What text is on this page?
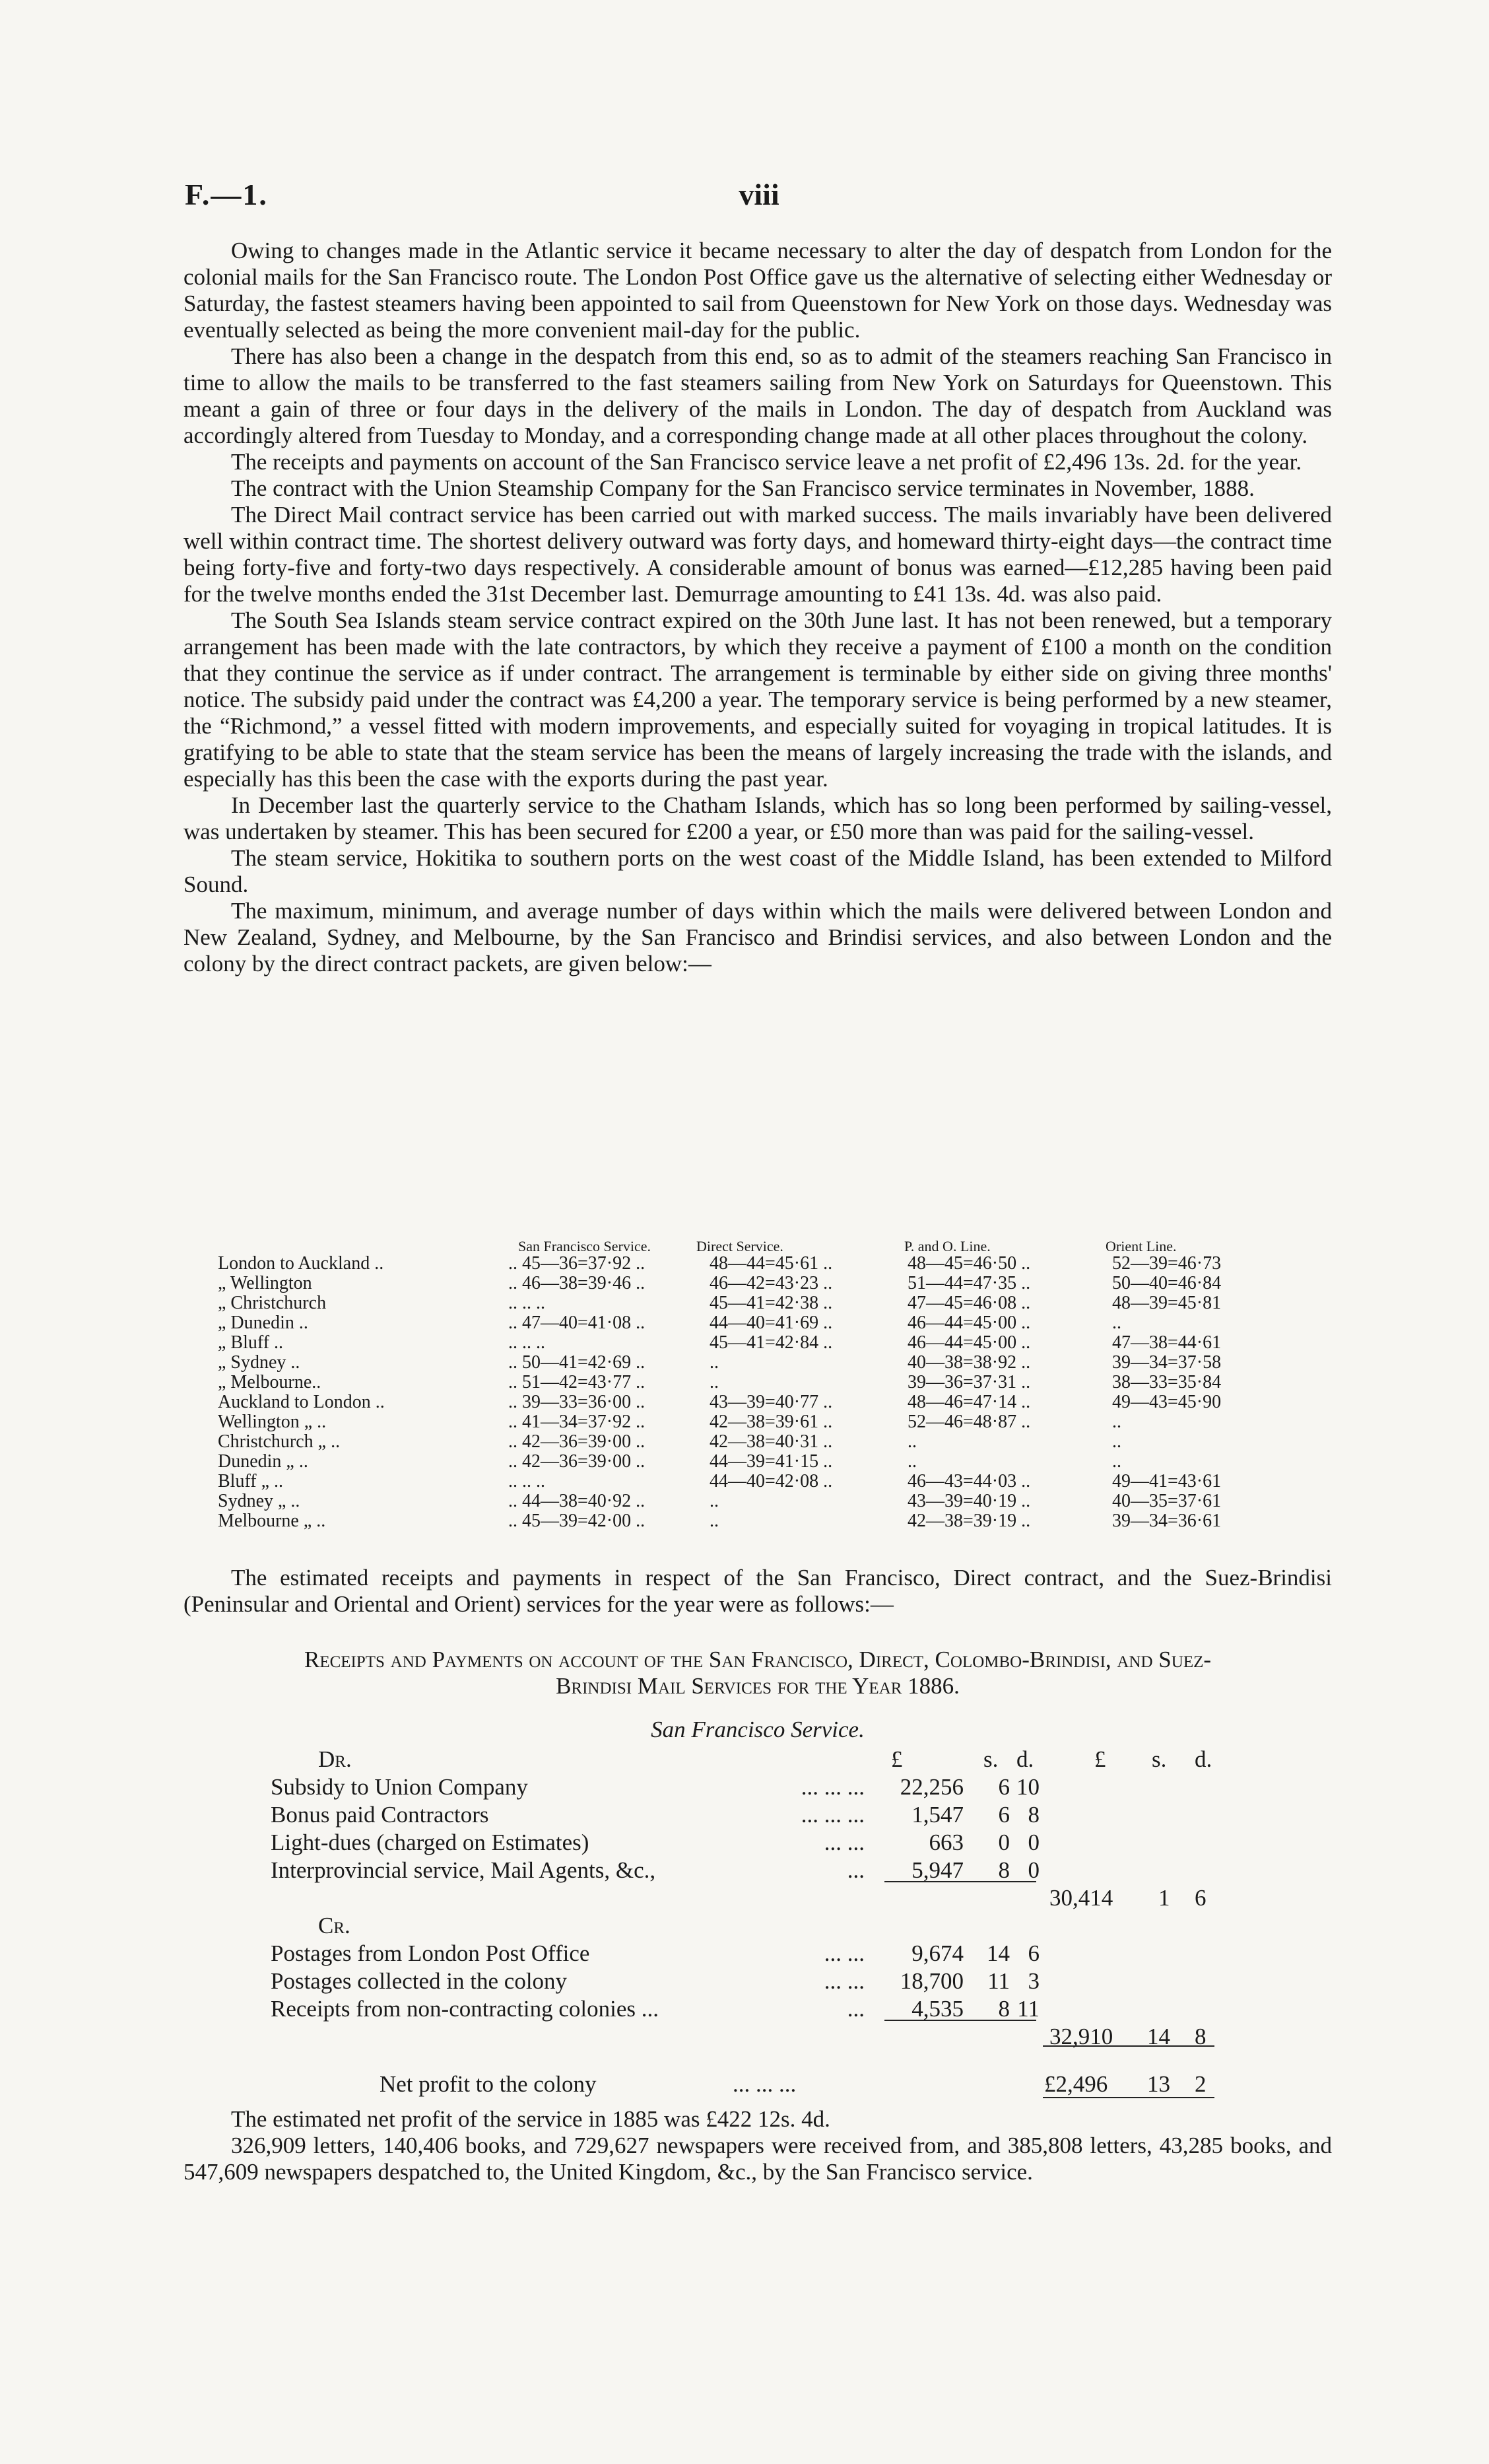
F.—1.	viii

Owing to changes made in the Atlantic service it became necessary to alter the day of despatch from London for the colonial mails for the San Francisco route. The London Post Office gave us the alternative of selecting either Wednesday or Saturday, the fastest steamers having been appointed to sail from Queenstown for New York on those days. Wednesday was eventually selected as being the more convenient mail-day for the public.

There has also been a change in the despatch from this end, so as to admit of the steamers reaching San Francisco in time to allow the mails to be transferred to the fast steamers sailing from New York on Saturdays for Queenstown. This meant a gain of three or four days in the delivery of the mails in London. The day of despatch from Auckland was accordingly altered from Tuesday to Monday, and a corresponding change made at all other places throughout the colony.

The receipts and payments on account of the San Francisco service leave a net profit of £2,496 13s. 2d. for the year.

The contract with the Union Steamship Company for the San Francisco service terminates in November, 1888.

The Direct Mail contract service has been carried out with marked success. The mails invariably have been delivered well within contract time. The shortest delivery outward was forty days, and homeward thirty-eight days—the contract time being forty-five and forty-two days respectively. A considerable amount of bonus was earned—£12,285 having been paid for the twelve months ended the 31st December last. Demurrage amounting to £41 13s. 4d. was also paid.

The South Sea Islands steam service contract expired on the 30th June last. It has not been renewed, but a temporary arrangement has been made with the late contractors, by which they receive a payment of £100 a month on the condition that they continue the service as if under contract. The arrangement is terminable by either side on giving three months' notice. The subsidy paid under the contract was £4,200 a year. The temporary service is being performed by a new steamer, the “Richmond,” a vessel fitted with modern improvements, and especially suited for voyaging in tropical latitudes. It is gratifying to be able to state that the steam service has been the means of largely increasing the trade with the islands, and especially has this been the case with the exports during the past year.

In December last the quarterly service to the Chatham Islands, which has so long been performed by sailing-vessel, was undertaken by steamer. This has been secured for £200 a year, or £50 more than was paid for the sailing-vessel.

The steam service, Hokitika to southern ports on the west coast of the Middle Island, has been extended to Milford Sound.

The maximum, minimum, and average number of days within which the mails were delivered between London and New Zealand, Sydney, and Melbourne, by the San Francisco and Brindisi services, and also between London and the colony by the direct contract packets, are given below:—

San Francisco Service.	Direct Service.	P. and O. Line.	Orient Line.
London to Auckland ..	.. 45—36=37·92 ..	48—44=45·61 ..	48—45=46·50 ..	52—39=46·73
„ Wellington	.. 46—38=39·46 ..	46—42=43·23 ..	51—44=47·35 ..	50—40=46·84
„ Christchurch	.. .. ..	45—41=42·38 ..	47—45=46·08 ..	48—39=45·81
„ Dunedin ..	.. 47—40=41·08 ..	44—40=41·69 ..	46—44=45·00 ..	..
„ Bluff ..	.. .. ..	45—41=42·84 ..	46—44=45·00 ..	47—38=44·61
„ Sydney ..	.. 50—41=42·69 ..	..	40—38=38·92 ..	39—34=37·58
„ Melbourne..	.. 51—42=43·77 ..	..	39—36=37·31 ..	38—33=35·84
Auckland to London ..	.. 39—33=36·00 ..	43—39=40·77 ..	48—46=47·14 ..	49—43=45·90
Wellington „ ..	.. 41—34=37·92 ..	42—38=39·61 ..	52—46=48·87 ..	..
Christchurch „ ..	.. 42—36=39·00 ..	42—38=40·31 ..	..	..
Dunedin „ ..	.. 42—36=39·00 ..	44—39=41·15 ..	..	..
Bluff „ ..	.. .. ..	44—40=42·08 ..	46—43=44·03 ..	49—41=43·61
Sydney „ ..	.. 44—38=40·92 ..	..	43—39=40·19 ..	40—35=37·61
Melbourne „ ..	.. 45—39=42·00 ..	..	42—38=39·19 ..	39—34=36·61

The estimated receipts and payments in respect of the San Francisco, Direct contract, and the Suez-Brindisi (Peninsular and Oriental and Orient) services for the year were as follows:—

Receipts and Payments on account of the San Francisco, Direct, Colombo-Brindisi, and Suez-
Brindisi Mail Services for the Year 1886.
San Francisco Service.
Dr.	£	s. d.	£ s. d.
Subsidy to Union Company	... ... ...	22,256	6 10
Bonus paid Contractors	... ... ...	1,547	6 8
Light-dues (charged on Estimates)	... ...	663	0 0
Interprovincial service, Mail Agents, &c.,	...	5,947	8 0
30,414 1 6
Cr.
Postages from London Post Office	... ...	9,674 14 6
Postages collected in the colony	... ...	18,700 11 3
Receipts from non-contracting colonies ...	...	4,535	8 11
32,910 14 8
Net profit to the colony	... ... ...	£2,496 13 2

The estimated net profit of the service in 1885 was £422 12s. 4d.

326,909 letters, 140,406 books, and 729,627 newspapers were received from, and 385,808 letters, 43,285 books, and 547,609 newspapers despatched to, the United Kingdom, &c., by the San Francisco service.
